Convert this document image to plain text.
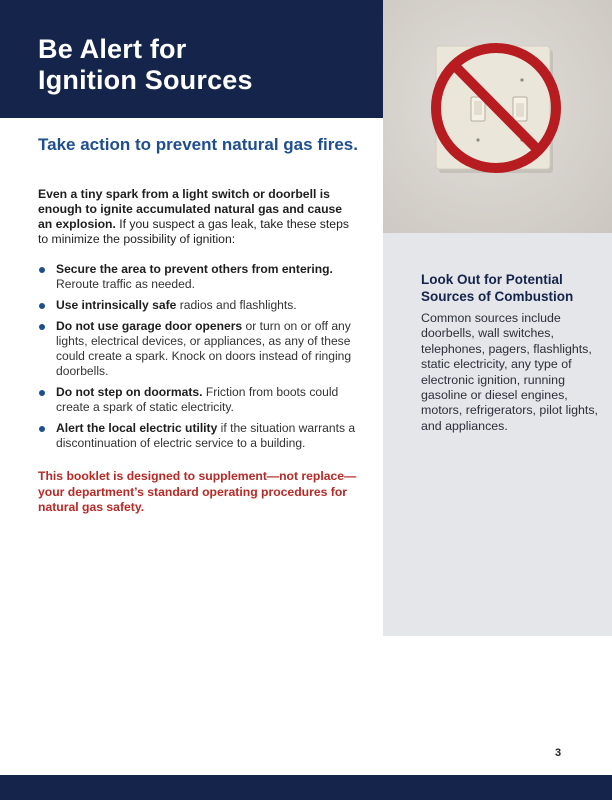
Be Alert for
Ignition Sources
Look Out for Potential
Sources of Combustion

Common sources include doorbells, wall switches, telephones, pagers, flashlights, static electricity, any type of electronic ignition, running gasoline or diesel engines, motors, refrigerators, pilot lights, and appliances.

Take action to prevent natural gas fires.

Even a tiny spark from a light switch or doorbell is enough to ignite accumulated natural gas and cause an explosion. If you suspect a gas leak, take these steps to minimize the possibility of ignition:

Secure the area to prevent others from entering. Reroute traffic as needed.
Use intrinsically safe radios and flashlights.
Do not use garage door openers or turn on or off any lights, electrical devices, or appliances, as any of these could create a spark. Knock on doors instead of ringing doorbells.
Do not step on doormats. Friction from boots could create a spark of static electricity.
Alert the local electric utility if the situation warrants a discontinuation of electric service to a building.

This booklet is designed to supplement—not replace—your department’s standard operating procedures for natural gas safety.

3
